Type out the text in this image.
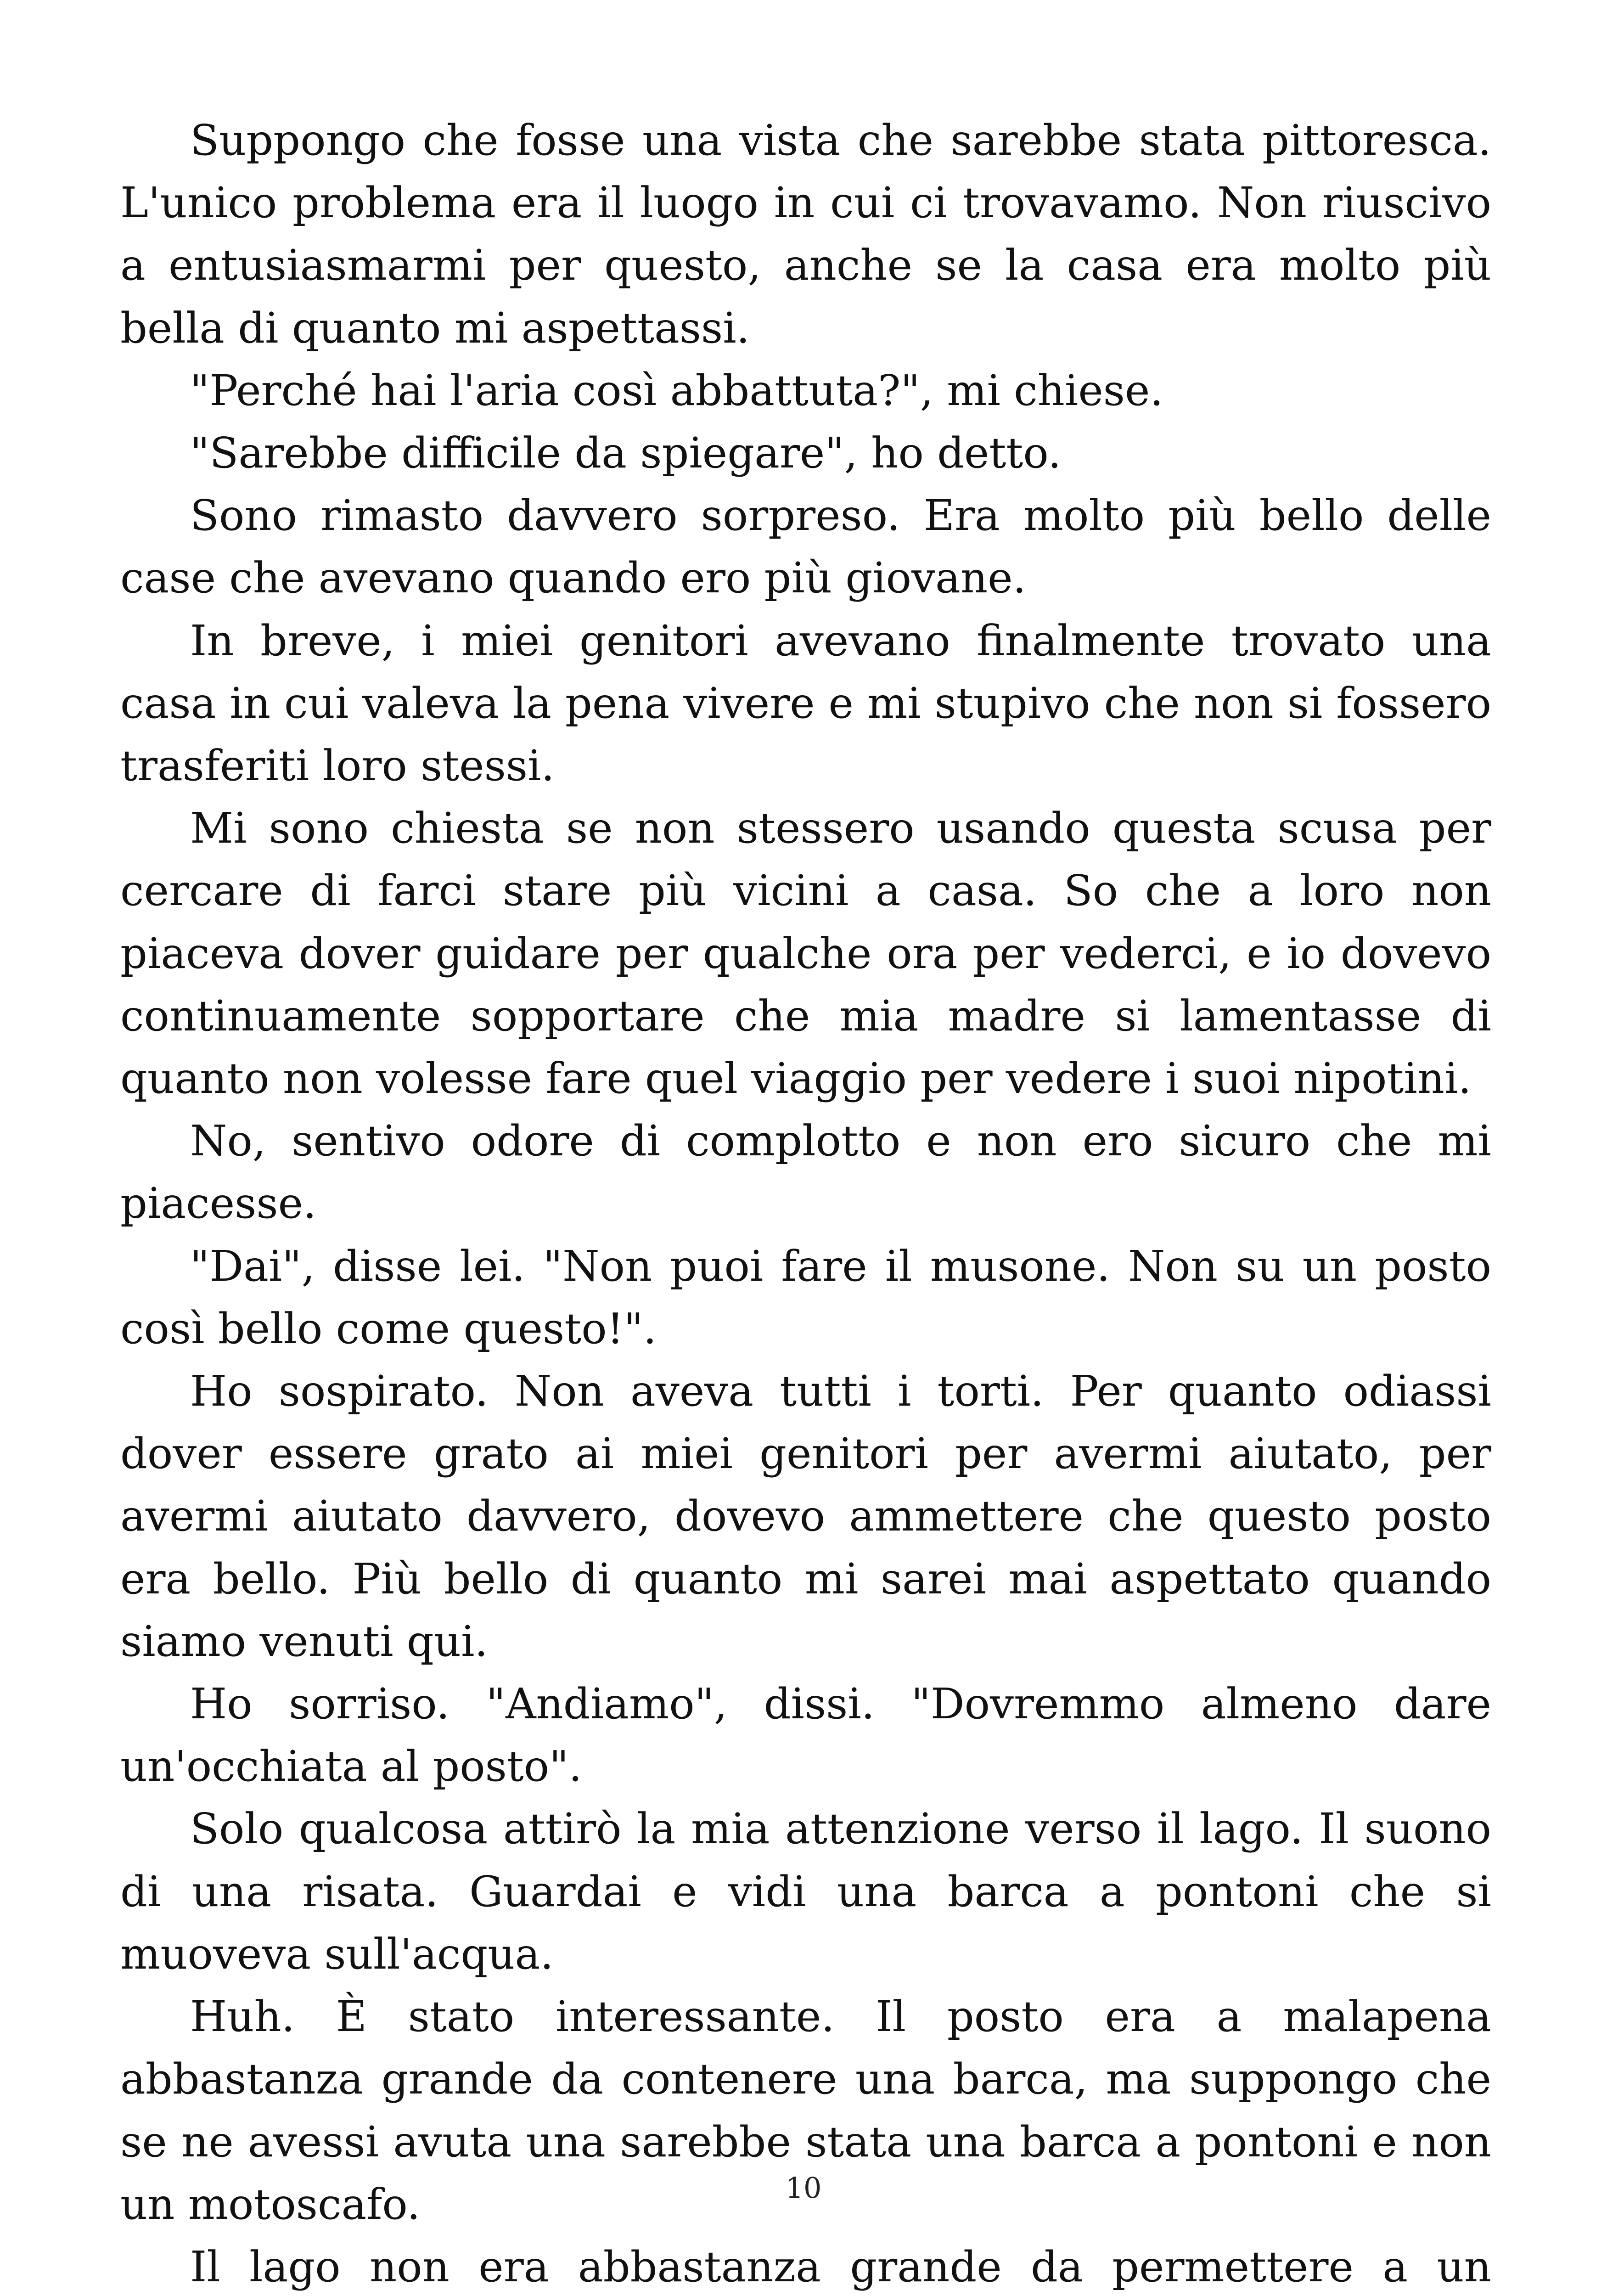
Suppongo che fosse una vista che sarebbe stata pittoresca. L'unico problema era il luogo in cui ci trovavamo. Non riuscivo a entusiasmarmi per questo, anche se la casa era molto più bella di quanto mi aspettassi.

"Perché hai l'aria così abbattuta?", mi chiese.

"Sarebbe difficile da spiegare", ho detto.

Sono rimasto davvero sorpreso. Era molto più bello delle case che avevano quando ero più giovane.

In breve, i miei genitori avevano finalmente trovato una casa in cui valeva la pena vivere e mi stupivo che non si fossero trasferiti loro stessi.

Mi sono chiesta se non stessero usando questa scusa per cercare di farci stare più vicini a casa. So che a loro non piaceva dover guidare per qualche ora per vederci, e io dovevo continuamente sopportare che mia madre si lamentasse di quanto non volesse fare quel viaggio per vedere i suoi nipotini.

No, sentivo odore di complotto e non ero sicuro che mi piacesse.

"Dai", disse lei. "Non puoi fare il musone. Non su un posto così bello come questo!".

Ho sospirato. Non aveva tutti i torti. Per quanto odiassi dover essere grato ai miei genitori per avermi aiutato, per avermi aiutato davvero, dovevo ammettere che questo posto era bello. Più bello di quanto mi sarei mai aspettato quando siamo venuti qui.

Ho sorriso. "Andiamo", dissi. "Dovremmo almeno dare un'occhiata al posto".

Solo qualcosa attirò la mia attenzione verso il lago. Il suono di una risata. Guardai e vidi una barca a pontoni che si muoveva sull'acqua.

Huh. È stato interessante. Il posto era a malapena abbastanza grande da contenere una barca, ma suppongo che se ne avessi avuta una sarebbe stata una barca a pontoni e non un motoscafo.

Il lago non era abbastanza grande da permettere a un

10
